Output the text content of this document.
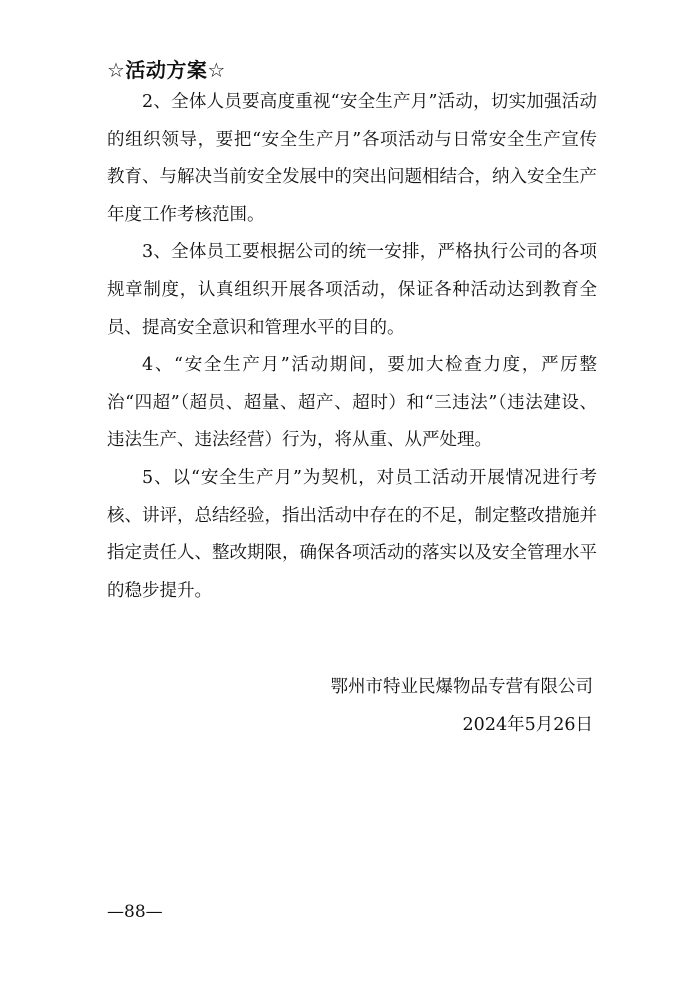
☆活动方案☆

2、全体人员要高度重视“安全生产月”活动，切实加强活动的组织领导，要把“安全生产月”各项活动与日常安全生产宣传教育、与解决当前安全发展中的突出问题相结合，纳入安全生产年度工作考核范围。

3、全体员工要根据公司的统一安排，严格执行公司的各项规章制度，认真组织开展各项活动，保证各种活动达到教育全员、提高安全意识和管理水平的目的。

4、“安全生产月”活动期间，要加大检查力度，严厉整治“四超”（超员、超量、超产、超时）和“三违法”（违法建设、违法生产、违法经营）行为，将从重、从严处理。

5、以“安全生产月”为契机，对员工活动开展情况进行考核、讲评，总结经验，指出活动中存在的不足，制定整改措施并指定责任人、整改期限，确保各项活动的落实以及安全管理水平的稳步提升。

鄂州市特业民爆物品专营有限公司
2024年5月26日
—88—
